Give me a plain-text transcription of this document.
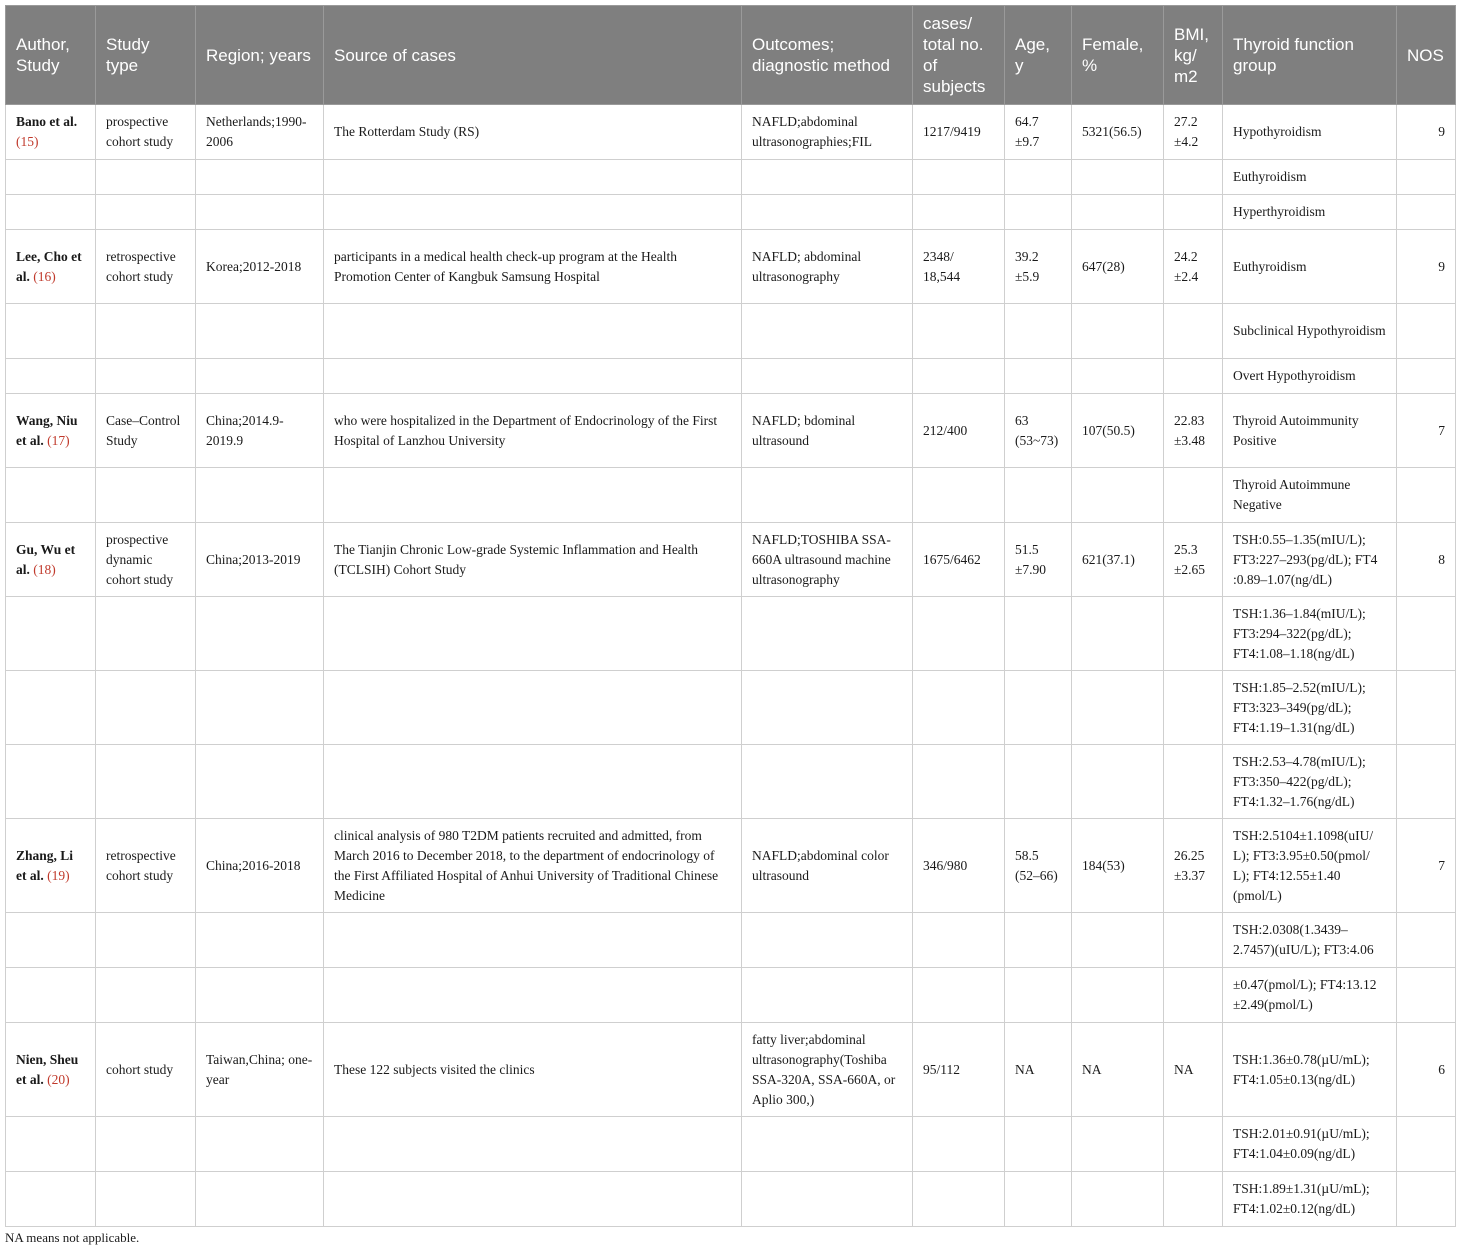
Author, Study	Study type	Region; years	Source of cases	Outcomes; diagnostic method	cases/ total no. of subjects	Age, y	Female, %	BMI, kg/ m2	Thyroid function group	NOS
Bano et al. (15)	prospective cohort study	Netherlands;1990-2006	The Rotterdam Study (RS)	NAFLD;abdominal ultrasonographies;FIL	1217/9419	64.7 ±9.7	5321(56.5)	27.2 ±4.2	Hypothyroidism	9
									Euthyroidism	
									Hyperthyroidism	
Lee, Cho et al. (16)	retrospective cohort study	Korea;2012-2018	participants in a medical health check-up program at the Health Promotion Center of Kangbuk Samsung Hospital	NAFLD; abdominal ultrasonography	2348/ 18,544	39.2 ±5.9	647(28)	24.2 ±2.4	Euthyroidism	9
									Subclinical Hypothyroidism	
									Overt Hypothyroidism	
Wang, Niu et al. (17)	Case–Control Study	China;2014.9-2019.9	who were hospitalized in the Department of Endocrinology of the First Hospital of Lanzhou University	NAFLD; bdominal ultrasound	212/400	63 (53~73)	107(50.5)	22.83 ±3.48	Thyroid Autoimmunity Positive	7
									Thyroid Autoimmune Negative	
Gu, Wu et al. (18)	prospective dynamic cohort study	China;2013-2019	The Tianjin Chronic Low-grade Systemic Inflammation and Health (TCLSIH) Cohort Study	NAFLD;TOSHIBA SSA-660A ultrasound machine ultrasonography	1675/6462	51.5 ±7.90	621(37.1)	25.3 ±2.65	TSH:0.55–1.35(mIU/L); FT3:227–293(pg/dL); FT4 :0.89–1.07(ng/dL)	8
									TSH:1.36–1.84(mIU/L); FT3:294–322(pg/dL); FT4:1.08–1.18(ng/dL)	
									TSH:1.85–2.52(mIU/L); FT3:323–349(pg/dL); FT4:1.19–1.31(ng/dL)	
									TSH:2.53–4.78(mIU/L); FT3:350–422(pg/dL); FT4:1.32–1.76(ng/dL)	
Zhang, Li et al. (19)	retrospective cohort study	China;2016-2018	clinical analysis of 980 T2DM patients recruited and admitted, from March 2016 to December 2018, to the department of endocrinology of the First Affiliated Hospital of Anhui University of Traditional Chinese Medicine	NAFLD;abdominal color ultrasound	346/980	58.5 (52–66)	184(53)	26.25 ±3.37	TSH:2.5104±1.1098(uIU/ L); FT3:3.95±0.50(pmol/ L); FT4:12.55±1.40 (pmol/L)	7
									TSH:2.0308(1.3439–2.7457)(uIU/L); FT3:4.06	
									±0.47(pmol/L); FT4:13.12 ±2.49(pmol/L)	
Nien, Sheu et al. (20)	cohort study	Taiwan,China; one-year	These 122 subjects visited the clinics	fatty liver;abdominal ultrasonography(Toshiba SSA-320A, SSA-660A, or Aplio 300,)	95/112	NA	NA	NA	TSH:1.36±0.78(µU/mL); FT4:1.05±0.13(ng/dL)	6
									TSH:2.01±0.91(µU/mL); FT4:1.04±0.09(ng/dL)	
									TSH:1.89±1.31(µU/mL); FT4:1.02±0.12(ng/dL)	
NA means not applicable.
